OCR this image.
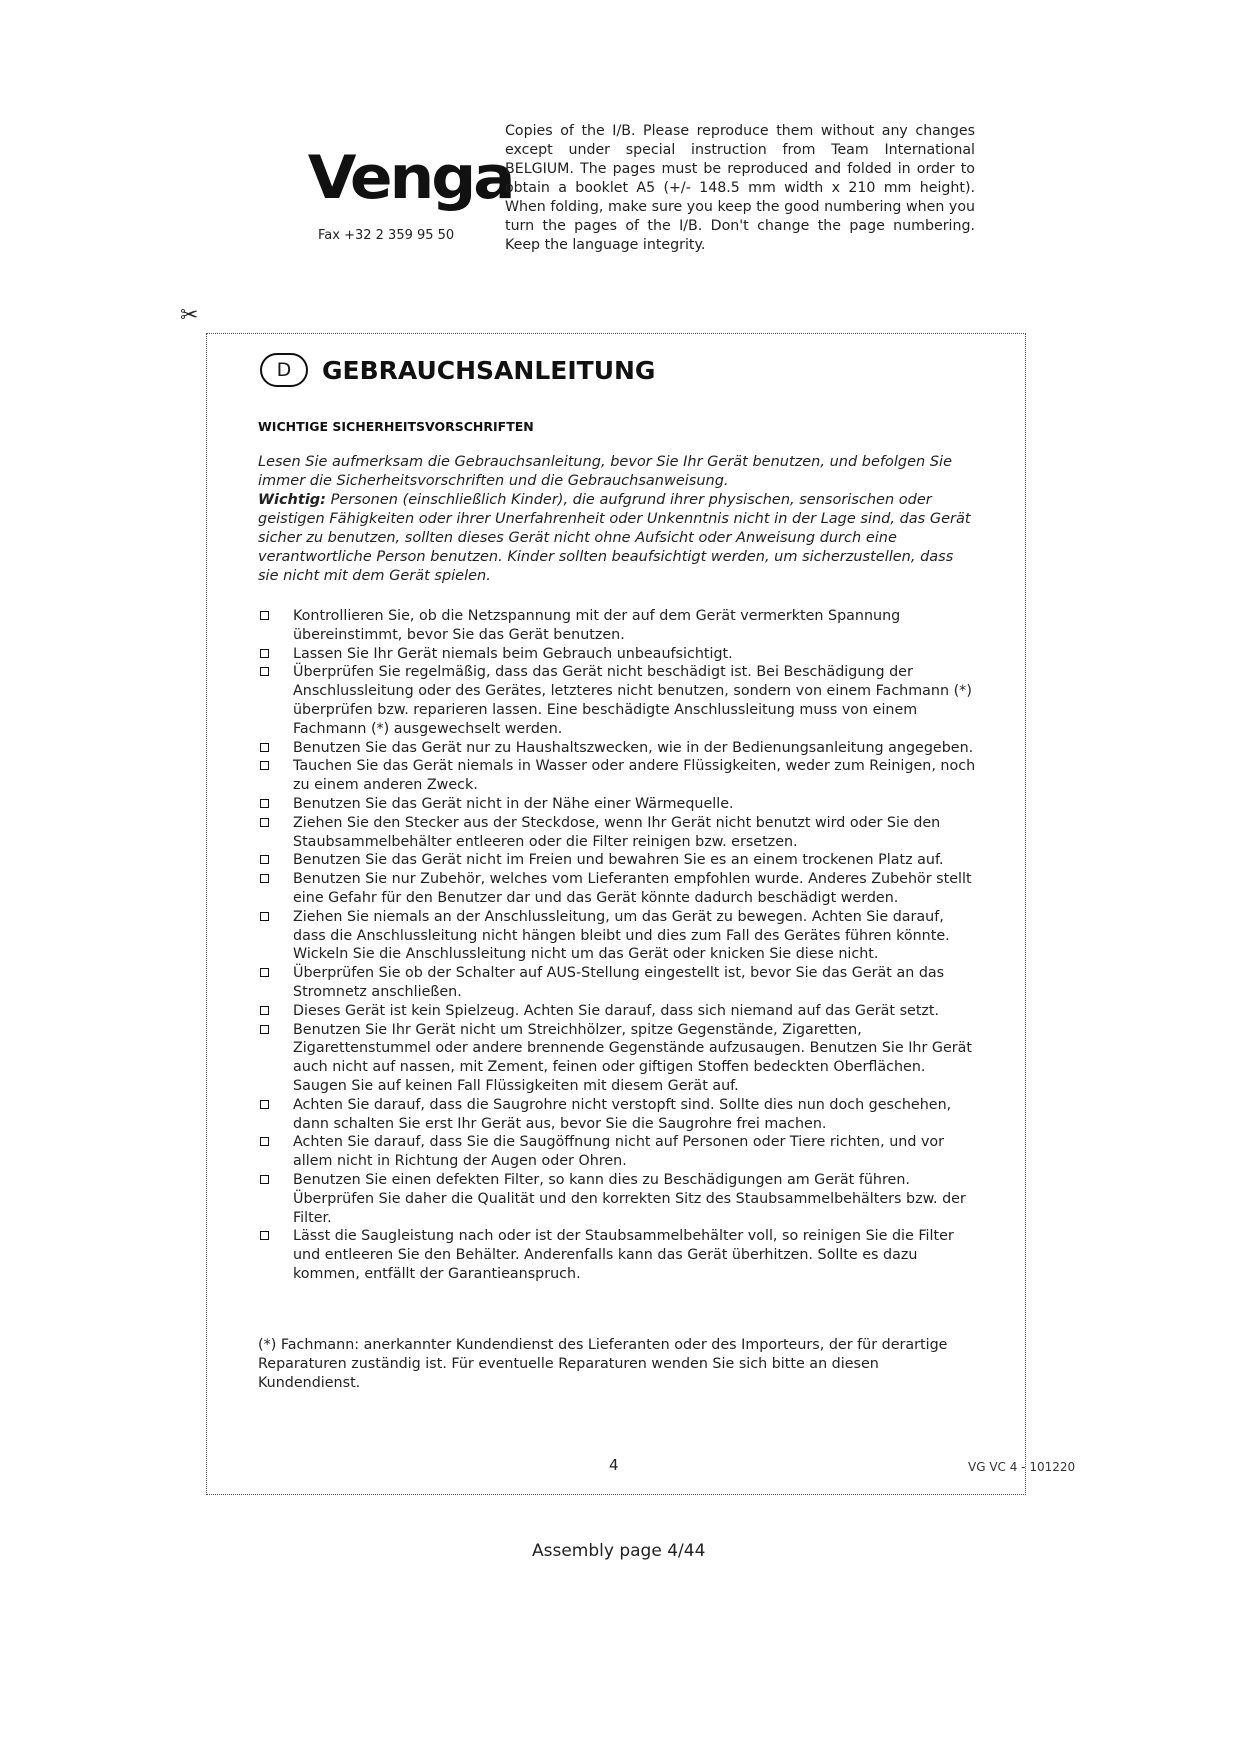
Venga
Fax +32 2 359 95 50
Copies of the I/B. Please reproduce them without any changes except under special instruction from Team International BELGIUM. The pages must be reproduced and folded in order to obtain a booklet A5 (+/- 148.5 mm width x 210 mm height). When folding, make sure you keep the good numbering when you turn the pages of the I/B. Don't change the page numbering. Keep the language integrity.
✂
D	GEBRAUCHSANLEITUNG
WICHTIGE SICHERHEITSVORSCHRIFTEN

Lesen Sie aufmerksam die Gebrauchsanleitung, bevor Sie Ihr Gerät benutzen, und befolgen Sie immer die Sicherheitsvorschriften und die Gebrauchsanweisung.

Wichtig: Personen (einschließlich Kinder), die aufgrund ihrer physischen, sensorischen oder geistigen Fähigkeiten oder ihrer Unerfahrenheit oder Unkenntnis nicht in der Lage sind, das Gerät sicher zu benutzen, sollten dieses Gerät nicht ohne Aufsicht oder Anweisung durch eine verantwortliche Person benutzen. Kinder sollten beaufsichtigt werden, um sicherzustellen, dass sie nicht mit dem Gerät spielen.

Kontrollieren Sie, ob die Netzspannung mit der auf dem Gerät vermerkten Spannung übereinstimmt, bevor Sie das Gerät benutzen.
Lassen Sie Ihr Gerät niemals beim Gebrauch unbeaufsichtigt.
Überprüfen Sie regelmäßig, dass das Gerät nicht beschädigt ist. Bei Beschädigung der Anschlussleitung oder des Gerätes, letzteres nicht benutzen, sondern von einem Fachmann (*) überprüfen bzw. reparieren lassen. Eine beschädigte Anschlussleitung muss von einem Fachmann (*) ausgewechselt werden.
Benutzen Sie das Gerät nur zu Haushaltszwecken, wie in der Bedienungsanleitung angegeben.
Tauchen Sie das Gerät niemals in Wasser oder andere Flüssigkeiten, weder zum Reinigen, noch zu einem anderen Zweck.
Benutzen Sie das Gerät nicht in der Nähe einer Wärmequelle.
Ziehen Sie den Stecker aus der Steckdose, wenn Ihr Gerät nicht benutzt wird oder Sie den Staubsammelbehälter entleeren oder die Filter reinigen bzw. ersetzen.
Benutzen Sie das Gerät nicht im Freien und bewahren Sie es an einem trockenen Platz auf.
Benutzen Sie nur Zubehör, welches vom Lieferanten empfohlen wurde. Anderes Zubehör stellt eine Gefahr für den Benutzer dar und das Gerät könnte dadurch beschädigt werden.
Ziehen Sie niemals an der Anschlussleitung, um das Gerät zu bewegen. Achten Sie darauf, dass die Anschlussleitung nicht hängen bleibt und dies zum Fall des Gerätes führen könnte. Wickeln Sie die Anschlussleitung nicht um das Gerät oder knicken Sie diese nicht.
Überprüfen Sie ob der Schalter auf AUS-Stellung eingestellt ist, bevor Sie das Gerät an das Stromnetz anschließen.
Dieses Gerät ist kein Spielzeug. Achten Sie darauf, dass sich niemand auf das Gerät setzt.
Benutzen Sie Ihr Gerät nicht um Streichhölzer, spitze Gegenstände, Zigaretten, Zigarettenstummel oder andere brennende Gegenstände aufzusaugen. Benutzen Sie Ihr Gerät auch nicht auf nassen, mit Zement, feinen oder giftigen Stoffen bedeckten Oberflächen. Saugen Sie auf keinen Fall Flüssigkeiten mit diesem Gerät auf.
Achten Sie darauf, dass die Saugrohre nicht verstopft sind. Sollte dies nun doch geschehen, dann schalten Sie erst Ihr Gerät aus, bevor Sie die Saugrohre frei machen.
Achten Sie darauf, dass Sie die Saugöffnung nicht auf Personen oder Tiere richten, und vor allem nicht in Richtung der Augen oder Ohren.
Benutzen Sie einen defekten Filter, so kann dies zu Beschädigungen am Gerät führen. Überprüfen Sie daher die Qualität und den korrekten Sitz des Staubsammelbehälters bzw. der Filter.
Lässt die Saugleistung nach oder ist der Staubsammelbehälter voll, so reinigen Sie die Filter und entleeren Sie den Behälter. Anderenfalls kann das Gerät überhitzen. Sollte es dazu kommen, entfällt der Garantieanspruch.
(*) Fachmann: anerkannter Kundendienst des Lieferanten oder des Importeurs, der für derartige Reparaturen zuständig ist. Für eventuelle Reparaturen wenden Sie sich bitte an diesen Kundendienst.
4	VG VC 4 - 101220
Assembly page 4/44
